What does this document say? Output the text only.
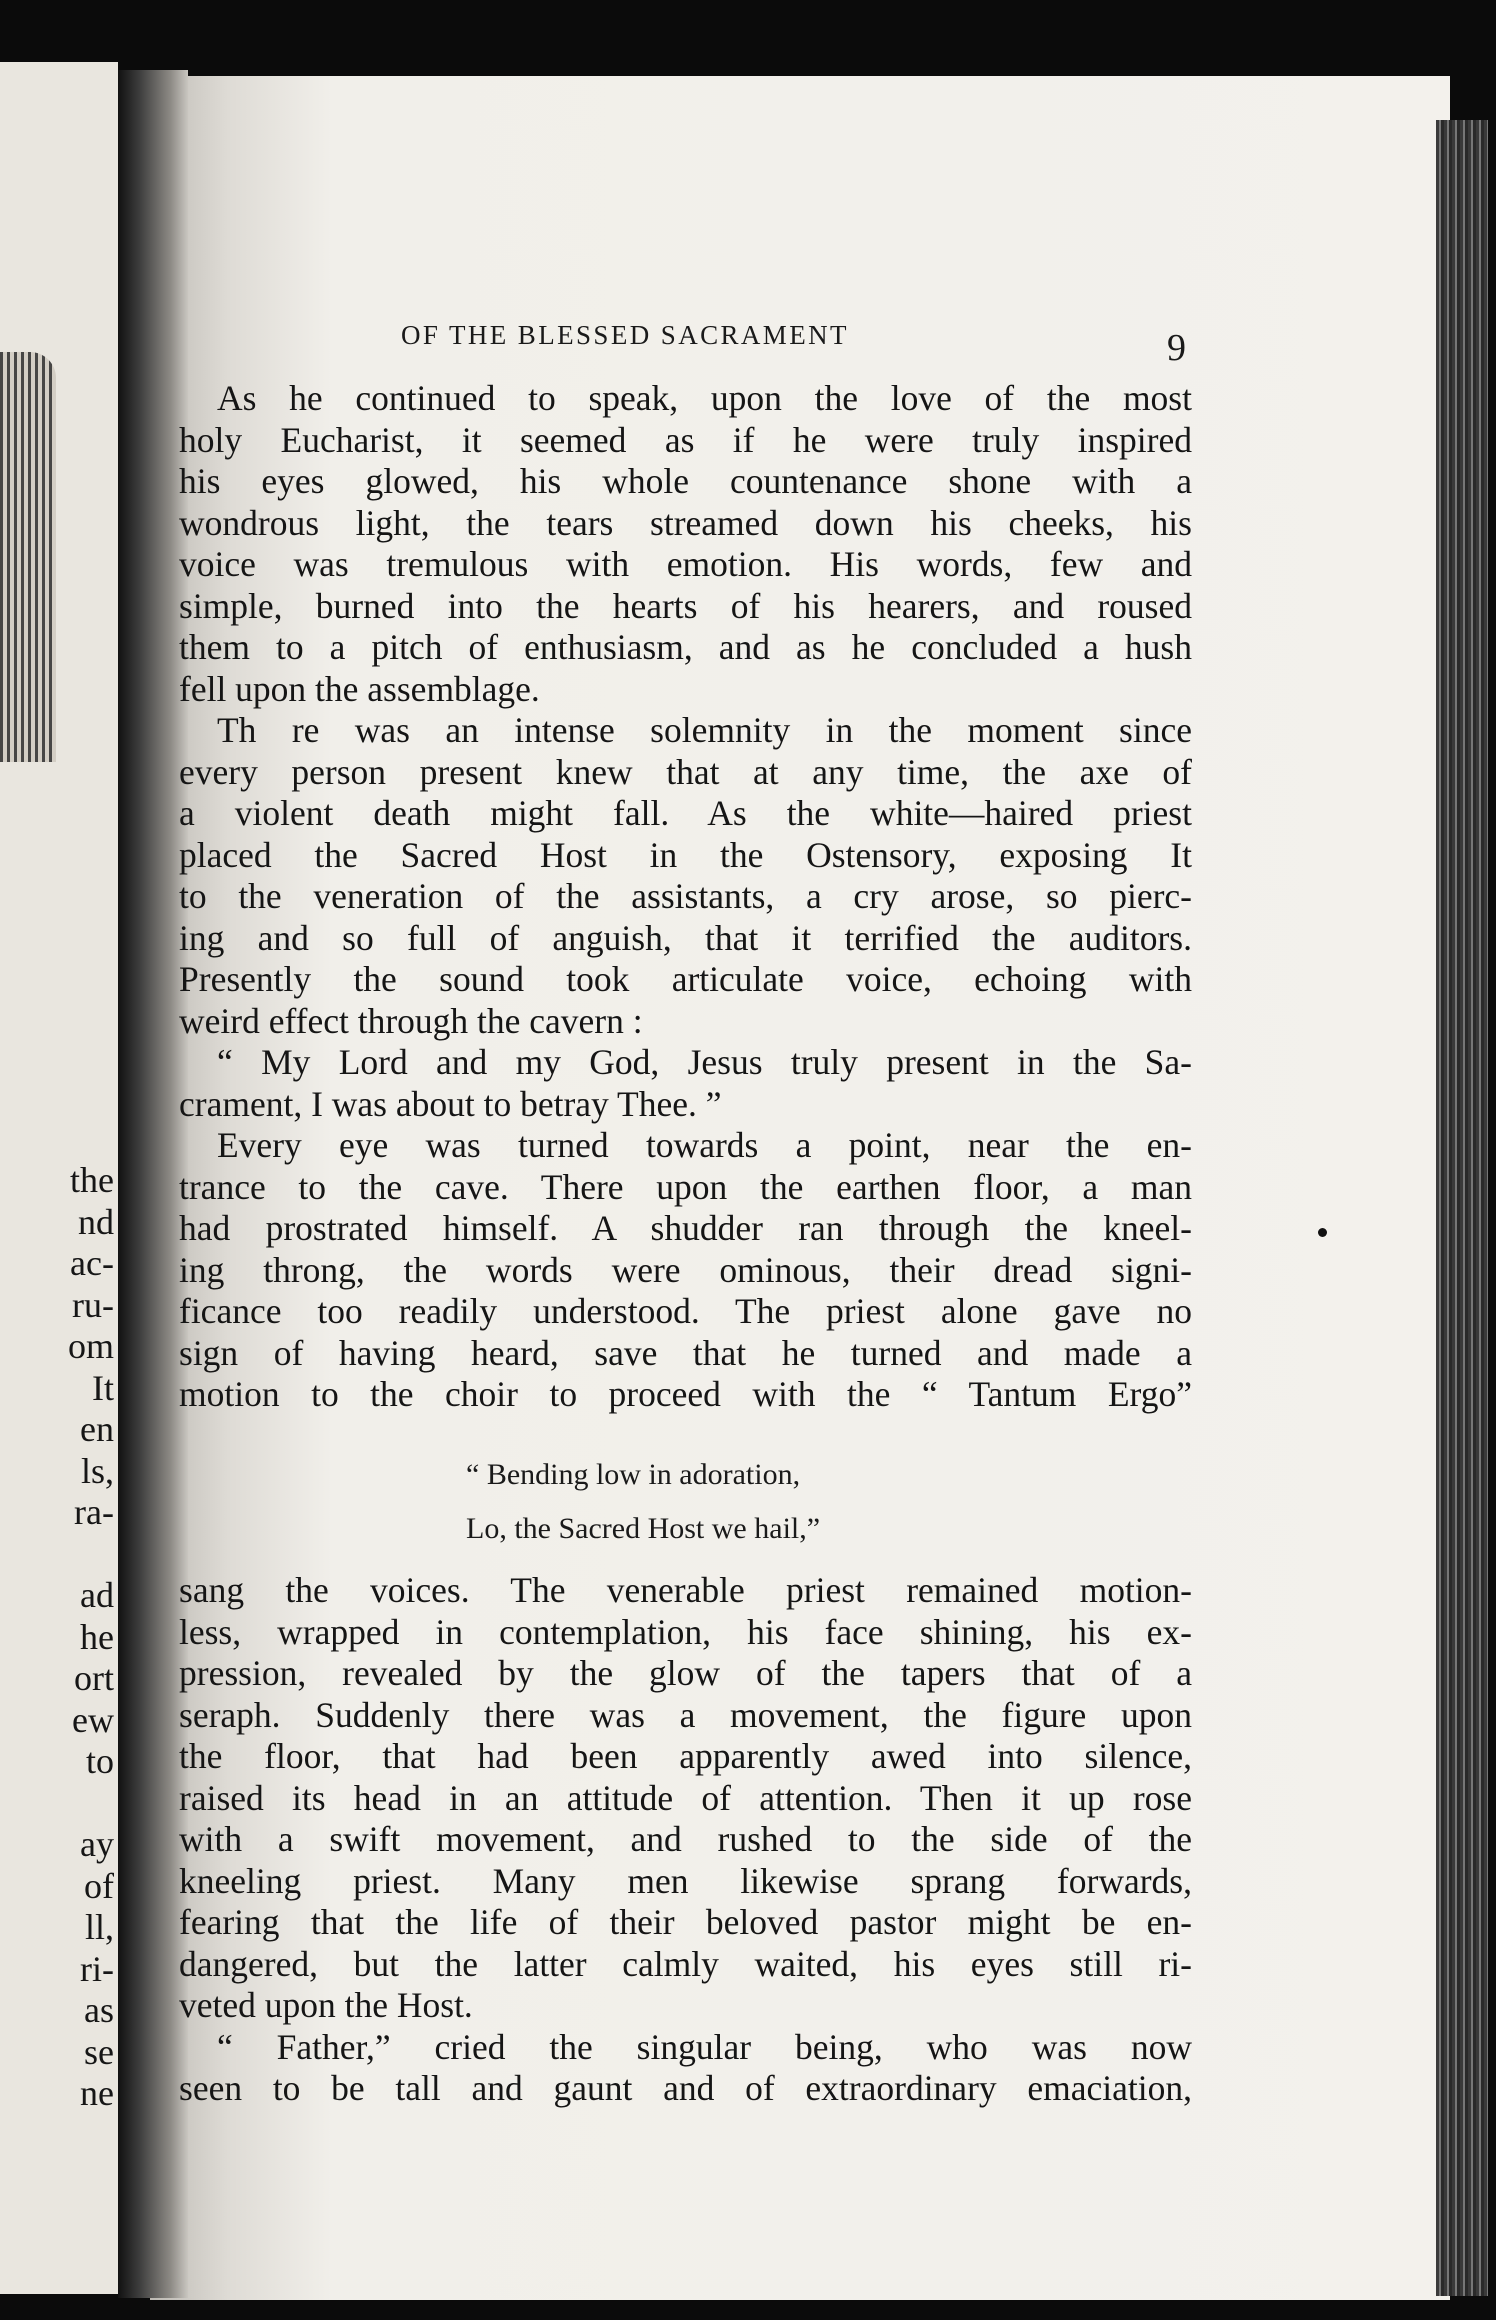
the
nd
ac-
ru-
om
It
en
ls,
ra-

ad
he
ort
ew
to

ay
of
ll,
ri-
as
se
ne
OF THE BLESSED SACRAMENT	9
As he continued to speak, upon the love of the most
holy Eucharist, it seemed as if he were truly inspired
his eyes glowed, his whole countenance shone with a
wondrous light, the tears streamed down his cheeks, his
voice was tremulous with emotion. His words, few and
simple, burned into the hearts of his hearers, and roused
them to a pitch of enthusiasm, and as he concluded a hush
fell upon the assemblage.
Th re was an intense solemnity in the moment since
every person present knew that at any time, the axe of
a violent death might fall. As the white—haired priest
placed the Sacred Host in the Ostensory, exposing It
to the veneration of the assistants, a cry arose, so pierc-
ing and so full of anguish, that it terrified the auditors.
Presently the sound took articulate voice, echoing with
weird effect through the cavern :
“ My Lord and my God, Jesus truly present in the Sa-
crament, I was about to betray Thee. ”
Every eye was turned towards a point, near the en-
trance to the cave. There upon the earthen floor, a man
had prostrated himself. A shudder ran through the kneel-
ing throng, the words were ominous, their dread signi-
ficance too readily understood. The priest alone gave no
sign of having heard, save that he turned and made a
motion to the choir to proceed with the “ Tantum Ergo”
“ Bending low in adoration,
Lo, the Sacred Host we hail,”
sang the voices. The venerable priest remained motion-
less, wrapped in contemplation, his face shining, his ex-
pression, revealed by the glow of the tapers that of a
seraph. Suddenly there was a movement, the figure upon
the floor, that had been apparently awed into silence,
raised its head in an attitude of attention. Then it up rose
with a swift movement, and rushed to the side of the
kneeling priest. Many men likewise sprang forwards,
fearing that the life of their beloved pastor might be en-
dangered, but the latter calmly waited, his eyes still ri-
veted upon the Host.
“ Father,” cried the singular being, who was now
seen to be tall and gaunt and of extraordinary emaciation,
